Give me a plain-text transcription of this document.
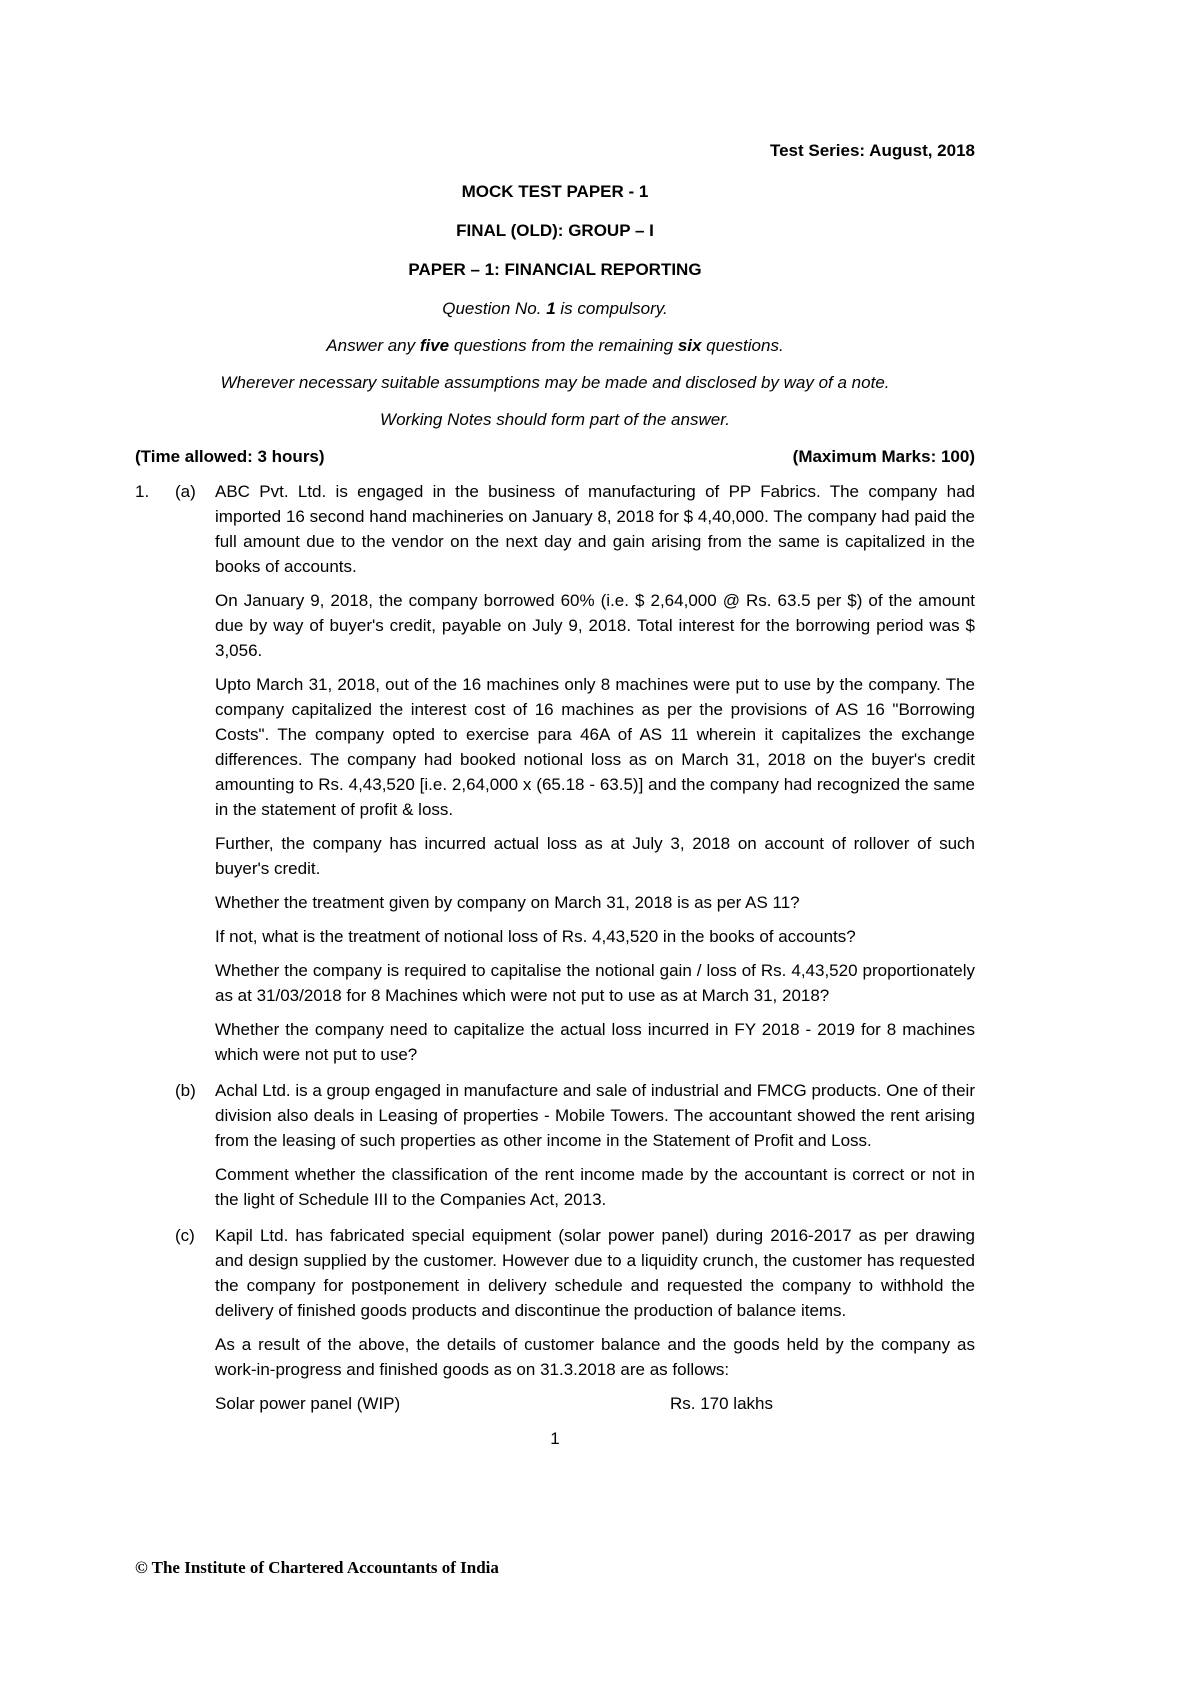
Test Series: August, 2018
MOCK TEST PAPER - 1
FINAL (OLD): GROUP – I
PAPER – 1: FINANCIAL REPORTING
Question No. 1 is compulsory.
Answer any five questions from the remaining six questions.
Wherever necessary suitable assumptions may be made and disclosed by way of a note.
Working Notes should form part of the answer.
(Time allowed: 3 hours)	(Maximum Marks: 100)
1.	(a)	ABC Pvt. Ltd. is engaged in the business of manufacturing of PP Fabrics. The company had imported 16 second hand machineries on January 8, 2018 for $ 4,40,000. The company had paid the full amount due to the vendor on the next day and gain arising from the same is capitalized in the books of accounts.

On January 9, 2018, the company borrowed 60% (i.e. $ 2,64,000 @ Rs. 63.5 per $) of the amount due by way of buyer's credit, payable on July 9, 2018. Total interest for the borrowing period was $ 3,056.

Upto March 31, 2018, out of the 16 machines only 8 machines were put to use by the company. The company capitalized the interest cost of 16 machines as per the provisions of AS 16 "Borrowing Costs". The company opted to exercise para 46A of AS 11 wherein it capitalizes the exchange differences. The company had booked notional loss as on March 31, 2018 on the buyer's credit amounting to Rs. 4,43,520 [i.e. 2,64,000 x (65.18 - 63.5)] and the company had recognized the same in the statement of profit & loss.

Further, the company has incurred actual loss as at July 3, 2018 on account of rollover of such buyer's credit.

Whether the treatment given by company on March 31, 2018 is as per AS 11?

If not, what is the treatment of notional loss of Rs. 4,43,520 in the books of accounts?

Whether the company is required to capitalise the notional gain / loss of Rs. 4,43,520 proportionately as at 31/03/2018 for 8 Machines which were not put to use as at March 31, 2018?

Whether the company need to capitalize the actual loss incurred in FY 2018 - 2019 for 8 machines which were not put to use?

(b)	Achal Ltd. is a group engaged in manufacture and sale of industrial and FMCG products. One of their division also deals in Leasing of properties - Mobile Towers. The accountant showed the rent arising from the leasing of such properties as other income in the Statement of Profit and Loss.

Comment whether the classification of the rent income made by the accountant is correct or not in the light of Schedule III to the Companies Act, 2013.

(c)	Kapil Ltd. has fabricated special equipment (solar power panel) during 2016-2017 as per drawing and design supplied by the customer. However due to a liquidity crunch, the customer has requested the company for postponement in delivery schedule and requested the company to withhold the delivery of finished goods products and discontinue the production of balance items.

As a result of the above, the details of customer balance and the goods held by the company as work-in-progress and finished goods as on 31.3.2018 are as follows:

Solar power panel (WIP)	Rs. 170 lakhs
1
© The Institute of Chartered Accountants of India
